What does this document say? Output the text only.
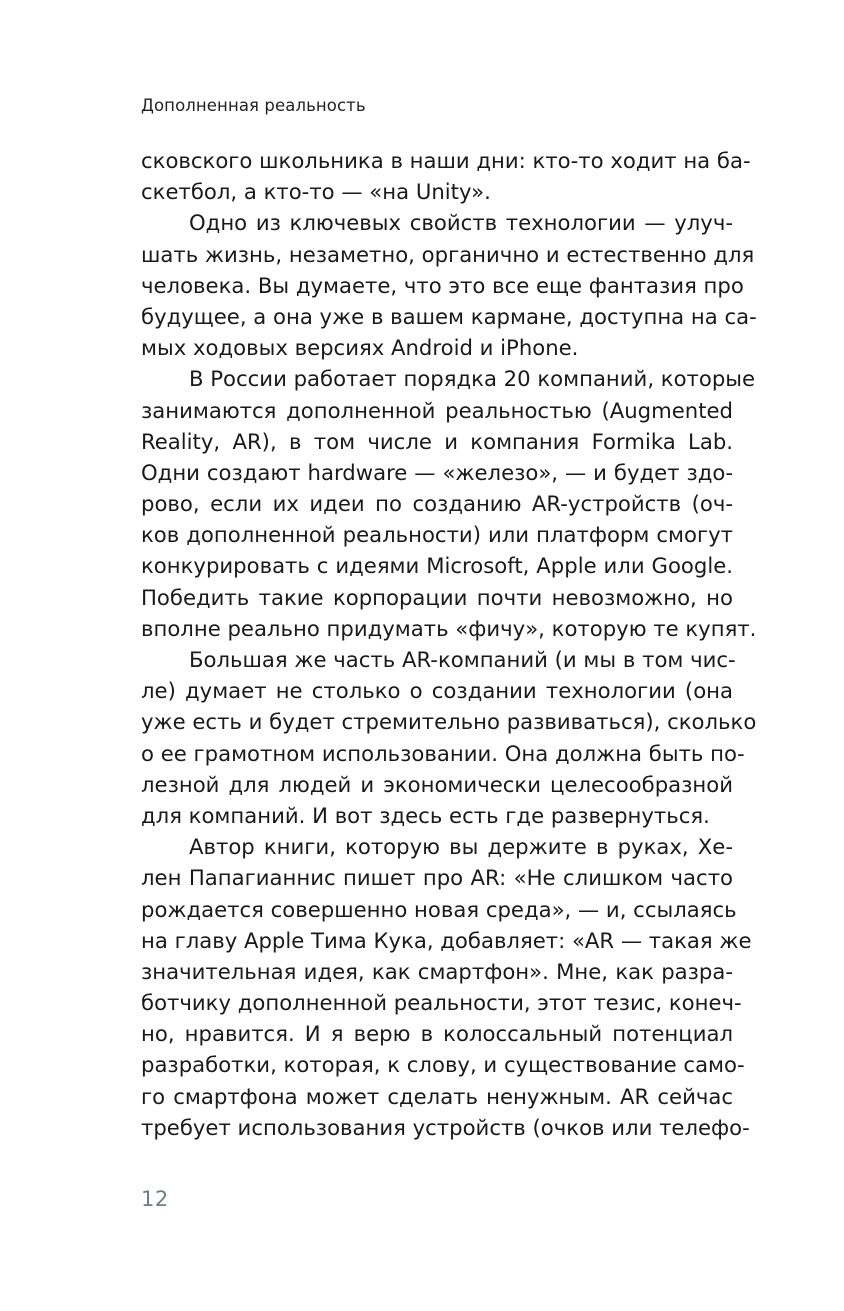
Дополненная реальность
сковского школьника в наши дни: кто-то ходит на ба-
скетбол, а кто-то — «на Unity».
Одно из ключевых свойств технологии — улуч-
шать жизнь, незаметно, органично и естественно для
человека. Вы думаете, что это все еще фантазия про
будущее, а она уже в вашем кармане, доступна на са-
мых ходовых версиях Android и iPhone.
В России работает порядка 20 компаний, которые
занимаются дополненной реальностью (Augmented
Reality, AR), в том числе и компания Formika Lab.
Одни создают hardware — «железо», — и будет здо-
рово, если их идеи по созданию AR-устройств (оч-
ков дополненной реальности) или платформ смогут
конкурировать с идеями Microsoft, Apple или Google.
Победить такие корпорации почти невозможно, но
вполне реально придумать «фичу», которую те купят.
Большая же часть AR-компаний (и мы в том чис-
ле) думает не столько о создании технологии (она
уже есть и будет стремительно развиваться), сколько
о ее грамотном использовании. Она должна быть по-
лезной для людей и экономически целесообразной
для компаний. И вот здесь есть где развернуться.
Автор книги, которую вы держите в руках, Хе-
лен Папагианнис пишет про AR: «Не слишком часто
рождается совершенно новая среда», — и, ссылаясь
на главу Apple Тима Кука, добавляет: «AR — такая же
значительная идея, как смартфон». Мне, как разра-
ботчику дополненной реальности, этот тезис, конеч-
но, нравится. И я верю в колоссальный потенциал
разработки, которая, к слову, и существование само-
го смартфона может сделать ненужным. AR сейчас
требует использования устройств (очков или телефо-
12
